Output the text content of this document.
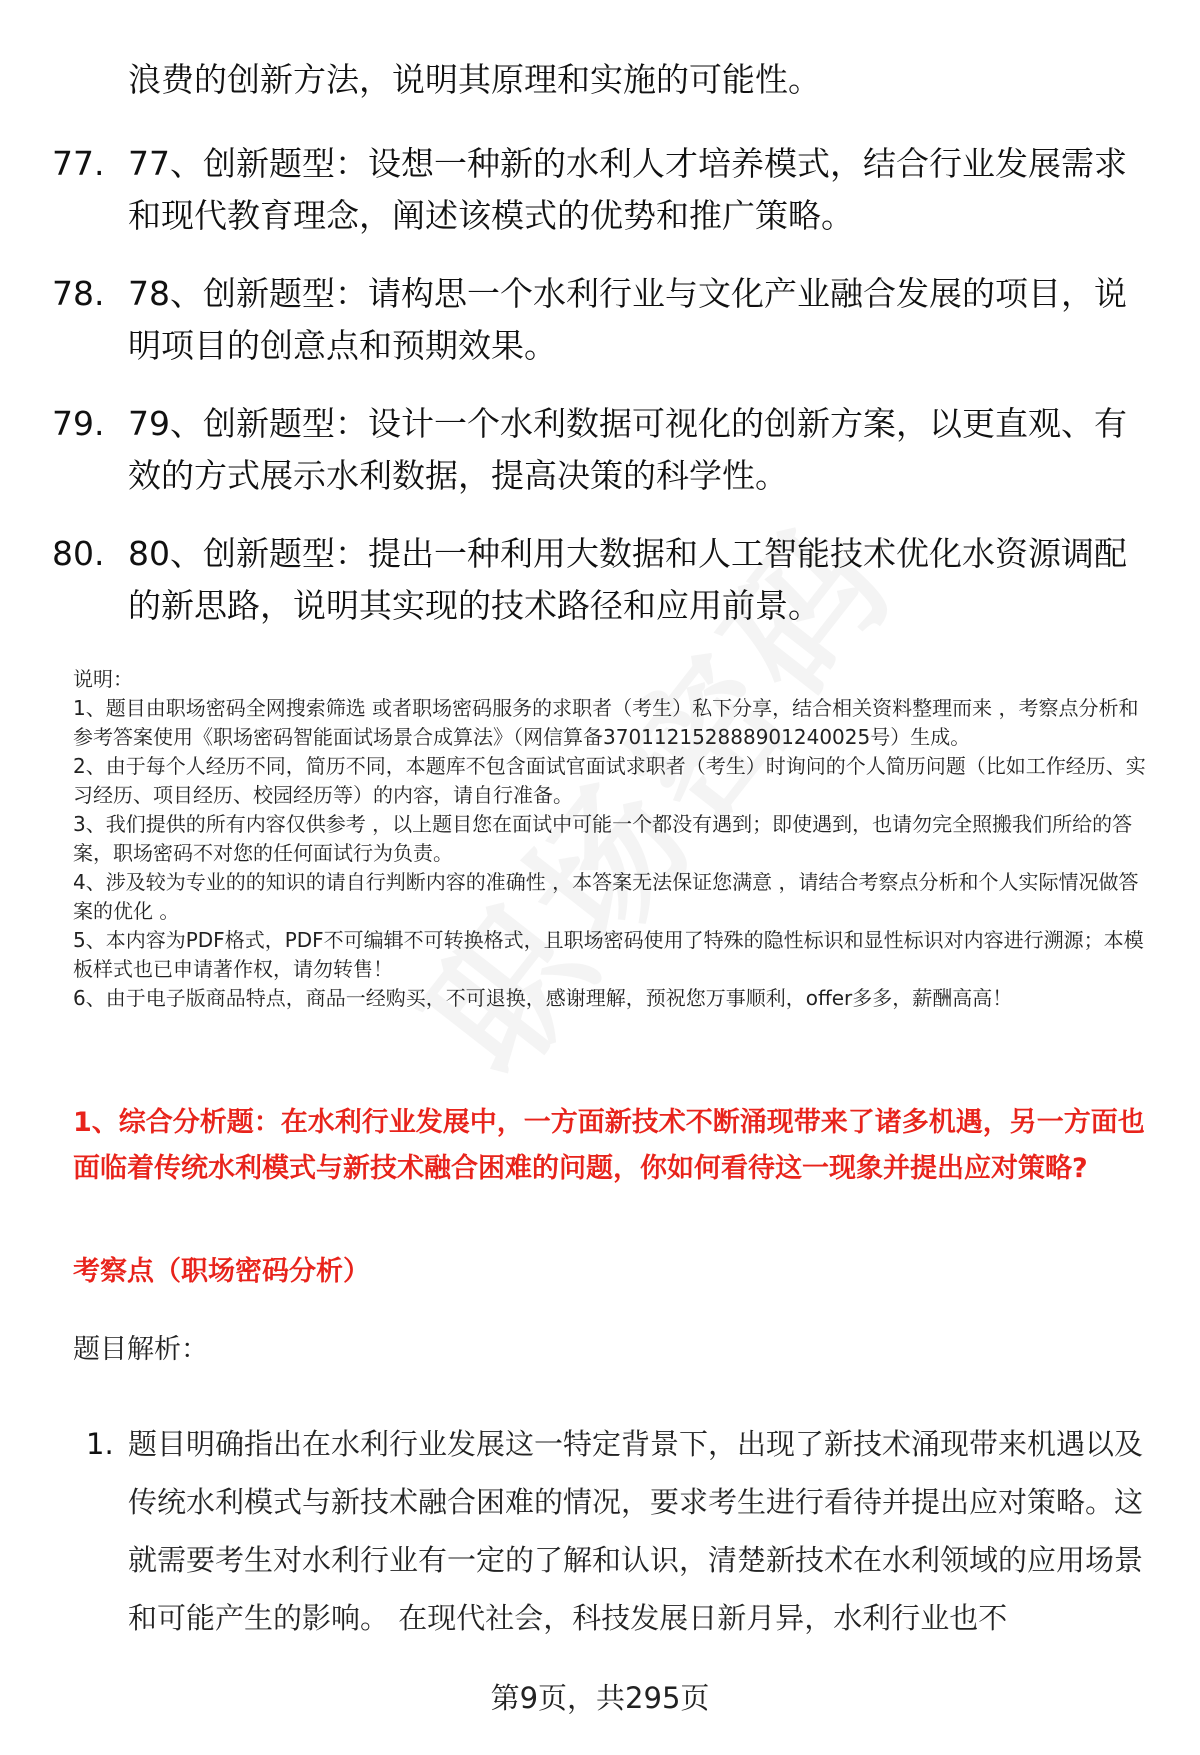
浪费的创新方法，说明其原理和实施的可能性。
77. 77、创新题型：设想一种新的水利人才培养模式，结合行业发展需求和现代教育理念，阐述该模式的优势和推广策略。
78. 78、创新题型：请构思一个水利行业与文化产业融合发展的项目，说明项目的创意点和预期效果。
79. 79、创新题型：设计一个水利数据可视化的创新方案，以更直观、有效的方式展示水利数据，提高决策的科学性。
80. 80、创新题型：提出一种利用大数据和人工智能技术优化水资源调配的新思路，说明其实现的技术路径和应用前景。

说明：

1、题目由职场密码全网搜索筛选 或者职场密码服务的求职者（考生）私下分享，结合相关资料整理而来 ，考察点分析和参考答案使用《职场密码智能面试场景合成算法》（网信算备370112152888901240025号）生成。

2、由于每个人经历不同，简历不同，本题库不包含面试官面试求职者（考生）时询问的个人简历问题（比如工作经历、实习经历、项目经历、校园经历等）的内容，请自行准备。

3、我们提供的所有内容仅供参考 ，以上题目您在面试中可能一个都没有遇到；即使遇到，也请勿完全照搬我们所给的答案，职场密码不对您的任何面试行为负责。

4、涉及较为专业的的知识的请自行判断内容的准确性 ，本答案无法保证您满意 ，请结合考察点分析和个人实际情况做答案的优化 。

5、本内容为PDF格式，PDF不可编辑不可转换格式，且职场密码使用了特殊的隐性标识和显性标识对内容进行溯源；本模板样式也已申请著作权，请勿转售！

6、由于电子版商品特点，商品一经购买，不可退换，感谢理解，预祝您万事顺利，offer多多，薪酬高高！

1、综合分析题：在水利行业发展中，一方面新技术不断涌现带来了诸多机遇，另一方面也面临着传统水利模式与新技术融合困难的问题，你如何看待这一现象并提出应对策略?
考察点（职场密码分析）
题目解析：
1. 题目明确指出在水利行业发展这一特定背景下，出现了新技术涌现带来机遇以及传统水利模式与新技术融合困难的情况，要求考生进行看待并提出应对策略。这就需要考生对水利行业有一定的了解和认识，清楚新技术在水利领域的应用场景和可能产生的影响。 在现代社会，科技发展日新月异，水利行业也不
第9页，共295页
